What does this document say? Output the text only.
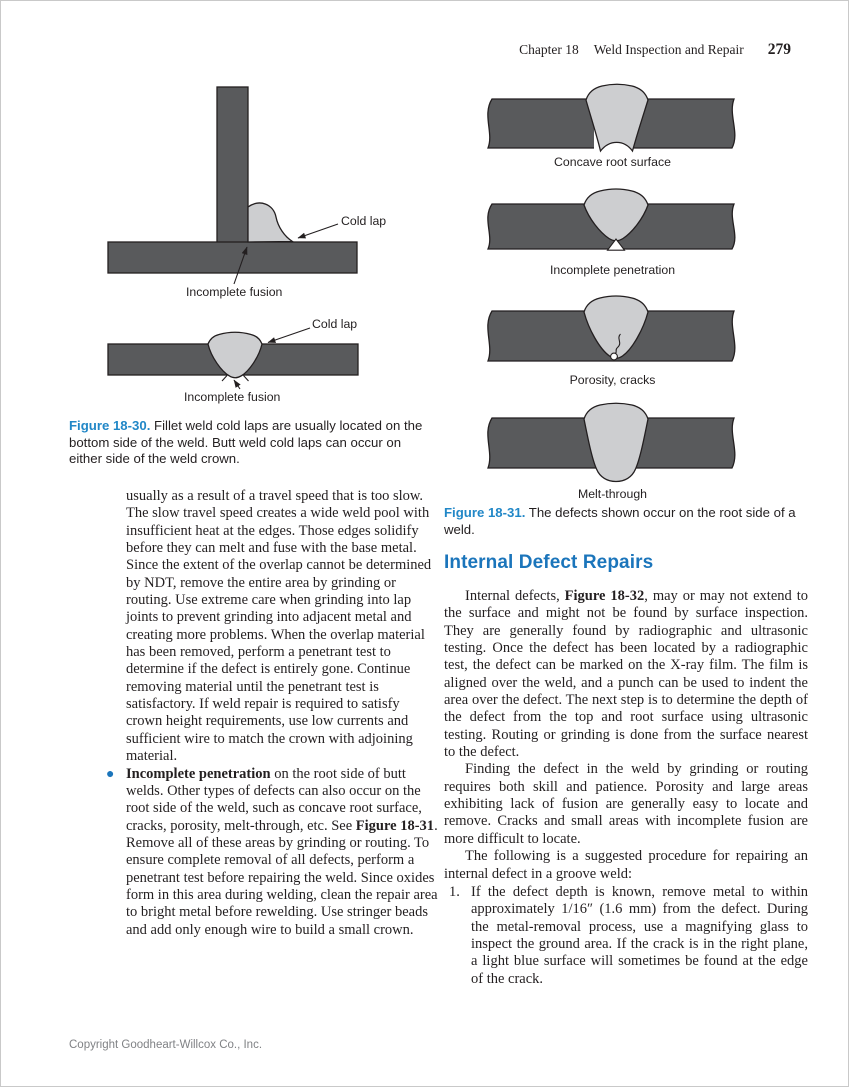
Chapter 18 Weld Inspection and Repair 279
Cold lap
Incomplete fusion
Cold lap
Incomplete fusion
Figure 18-30. Fillet weld cold laps are usually located on the bottom side of the weld. Butt weld cold laps can occur on either side of the weld crown.
usually as a result of a travel speed that is too slow. The slow travel speed creates a wide weld pool with insufficient heat at the edges. Those edges solidify before they can melt and fuse with the base metal. Since the extent of the overlap cannot be determined by NDT, remove the entire area by grinding or routing. Use extreme care when grinding into lap joints to prevent grinding into adjacent metal and creating more problems. When the overlap material has been removed, perform a penetrant test to determine if the defect is entirely gone. Continue removing material until the penetrant test is satisfactory. If weld repair is required to satisfy crown height requirements, use low currents and sufficient wire to match the crown with adjoining material.
● Incomplete penetration on the root side of butt welds. Other types of defects can also occur on the root side of the weld, such as concave root surface, cracks, porosity, melt-through, etc. See Figure 18-31. Remove all of these areas by grinding or routing. To ensure complete removal of all defects, perform a penetrant test before repairing the weld. Since oxides form in this area during welding, clean the repair area to bright metal before rewelding. Use stringer beads and add only enough wire to build a small crown.
Concave root surface
Incomplete penetration
Porosity, cracks
Melt-through
Figure 18-31. The defects shown occur on the root side of a weld.
Internal Defect Repairs

Internal defects, Figure 18-32, may or may not extend to the surface and might not be found by surface inspection. They are generally found by radiographic and ultrasonic testing. Once the defect has been located by a radiographic test, the defect can be marked on the X-ray film. The film is aligned over the weld, and a punch can be used to indent the area over the defect. The next step is to determine the depth of the defect from the top and root surface using ultrasonic testing. Routing or grinding is done from the surface nearest to the defect.

Finding the defect in the weld by grinding or routing requires both skill and patience. Porosity and large areas exhibiting lack of fusion are generally easy to locate and remove. Cracks and small areas with incomplete fusion are more difficult to locate.

The following is a suggested procedure for repairing an internal defect in a groove weld:

1. If the defect depth is known, remove metal to within approximately 1/16″ (1.6 mm) from the defect. During the metal-removal process, use a magnifying glass to inspect the ground area. If the crack is in the right plane, a light blue surface will sometimes be found at the edge of the crack.
Copyright Goodheart-Willcox Co., Inc.
